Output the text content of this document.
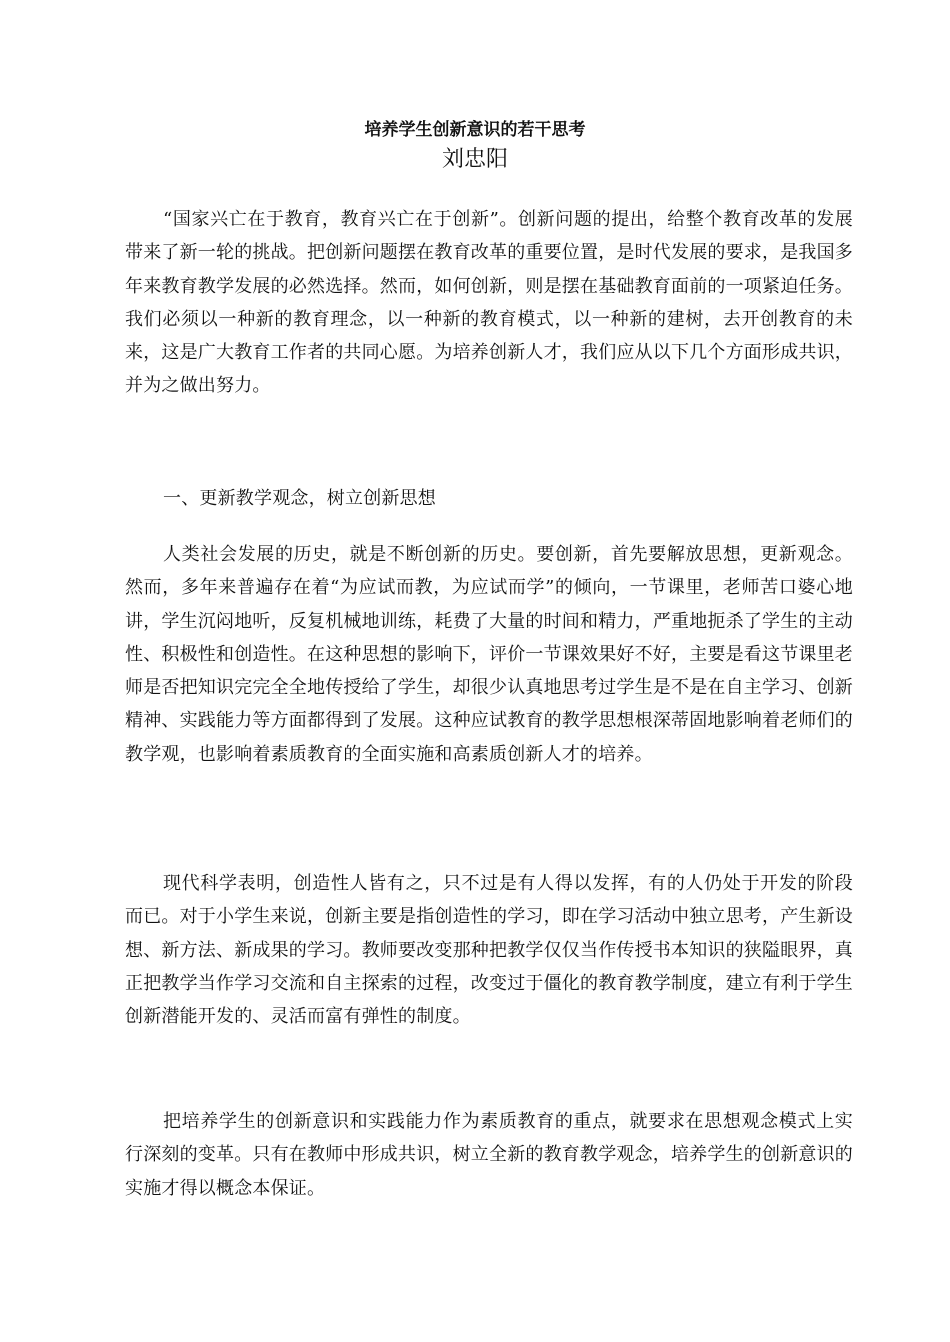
培养学生创新意识的若干思考
刘忠阳

“国家兴亡在于教育，教育兴亡在于创新”。创新问题的提出，给整个教育改革的发展带来了新一轮的挑战。把创新问题摆在教育改革的重要位置，是时代发展的要求，是我国多年来教育教学发展的必然选择。然而，如何创新，则是摆在基础教育面前的一项紧迫任务。我们必须以一种新的教育理念，以一种新的教育模式，以一种新的建树，去开创教育的未来，这是广大教育工作者的共同心愿。为培养创新人才，我们应从以下几个方面形成共识，并为之做出努力。

一、更新教学观念，树立创新思想

人类社会发展的历史，就是不断创新的历史。要创新，首先要解放思想，更新观念。然而，多年来普遍存在着“为应试而教，为应试而学”的倾向，一节课里，老师苦口婆心地讲，学生沉闷地听，反复机械地训练，耗费了大量的时间和精力，严重地扼杀了学生的主动性、积极性和创造性。在这种思想的影响下，评价一节课效果好不好，主要是看这节课里老师是否把知识完完全全地传授给了学生，却很少认真地思考过学生是不是在自主学习、创新精神、实践能力等方面都得到了发展。这种应试教育的教学思想根深蒂固地影响着老师们的教学观，也影响着素质教育的全面实施和高素质创新人才的培养。

现代科学表明，创造性人皆有之，只不过是有人得以发挥，有的人仍处于开发的阶段而已。对于小学生来说，创新主要是指创造性的学习，即在学习活动中独立思考，产生新设想、新方法、新成果的学习。教师要改变那种把教学仅仅当作传授书本知识的狭隘眼界，真正把教学当作学习交流和自主探索的过程，改变过于僵化的教育教学制度，建立有利于学生创新潜能开发的、灵活而富有弹性的制度。

把培养学生的创新意识和实践能力作为素质教育的重点，就要求在思想观念模式上实行深刻的变革。只有在教师中形成共识，树立全新的教育教学观念，培养学生的创新意识的实施才得以概念本保证。
